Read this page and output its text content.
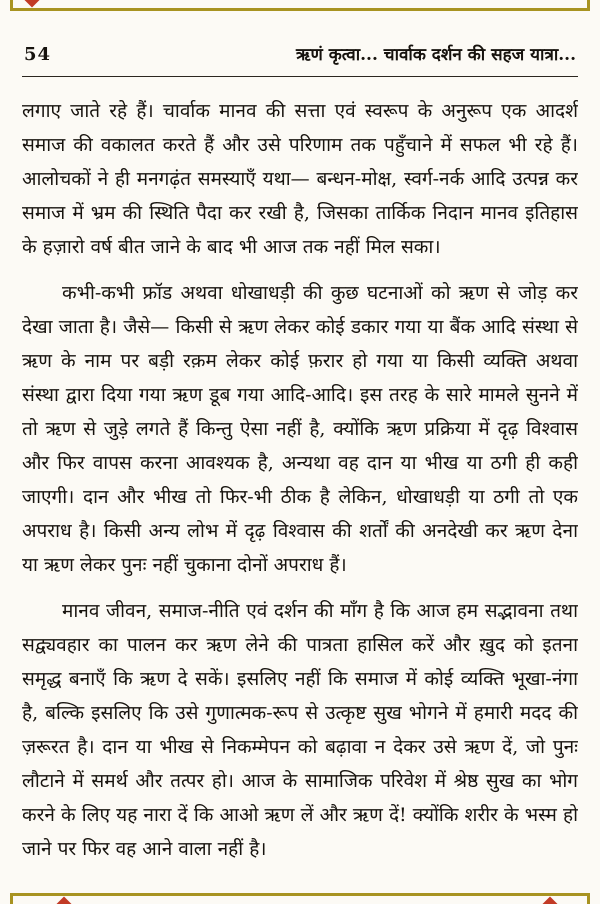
54	ऋणं कृत्वा... चार्वाक दर्शन की सहज यात्रा...

लगाए जाते रहे हैं। चार्वाक मानव की सत्ता एवं स्वरूप के अनुरूप एक आदर्श समाज की वकालत करते हैं और उसे परिणाम तक पहुँचाने में सफल भी रहे हैं। आलोचकों ने ही मनगढ़ंत समस्याएँ यथा— बन्धन-मोक्ष, स्वर्ग-नर्क आदि उत्पन्न कर समाज में भ्रम की स्थिति पैदा कर रखी है, जिसका तार्किक निदान मानव इतिहास के हज़ारो वर्ष बीत जाने के बाद भी आज तक नहीं मिल सका।

कभी-कभी फ्रॉड अथवा धोखाधड़ी की कुछ घटनाओं को ऋण से जोड़ कर देखा जाता है। जैसे— किसी से ऋण लेकर कोई डकार गया या बैंक आदि संस्था से ऋण के नाम पर बड़ी रक़म लेकर कोई फ़रार हो गया या किसी व्यक्ति अथवा संस्था द्वारा दिया गया ऋण डूब गया आदि-आदि। इस तरह के सारे मामले सुनने में तो ऋण से जुड़े लगते हैं किन्तु ऐसा नहीं है, क्योंकि ऋण प्रक्रिया में दृढ़ विश्वास और फिर वापस करना आवश्यक है, अन्यथा वह दान या भीख या ठगी ही कही जाएगी। दान और भीख तो फिर-भी ठीक है लेकिन, धोखाधड़ी या ठगी तो एक अपराध है। किसी अन्य लोभ में दृढ़ विश्वास की शर्तों की अनदेखी कर ऋण देना या ऋण लेकर पुनः नहीं चुकाना दोनों अपराध हैं।

मानव जीवन, समाज-नीति एवं दर्शन की माँग है कि आज हम सद्भावना तथा सद्व्यवहार का पालन कर ऋण लेने की पात्रता हासिल करें और ख़ुद को इतना समृद्ध बनाएँ कि ऋण दे सकें। इसलिए नहीं कि समाज में कोई व्यक्ति भूखा-नंगा है, बल्कि इसलिए कि उसे गुणात्मक-रूप से उत्कृष्ट सुख भोगने में हमारी मदद की ज़रूरत है। दान या भीख से निकम्मेपन को बढ़ावा न देकर उसे ऋण दें, जो पुनः लौटाने में समर्थ और तत्पर हो। आज के सामाजिक परिवेश में श्रेष्ठ सुख का भोग करने के लिए यह नारा दें कि आओ ऋण लें और ऋण दें! क्योंकि शरीर के भस्म हो जाने पर फिर वह आने वाला नहीं है।
